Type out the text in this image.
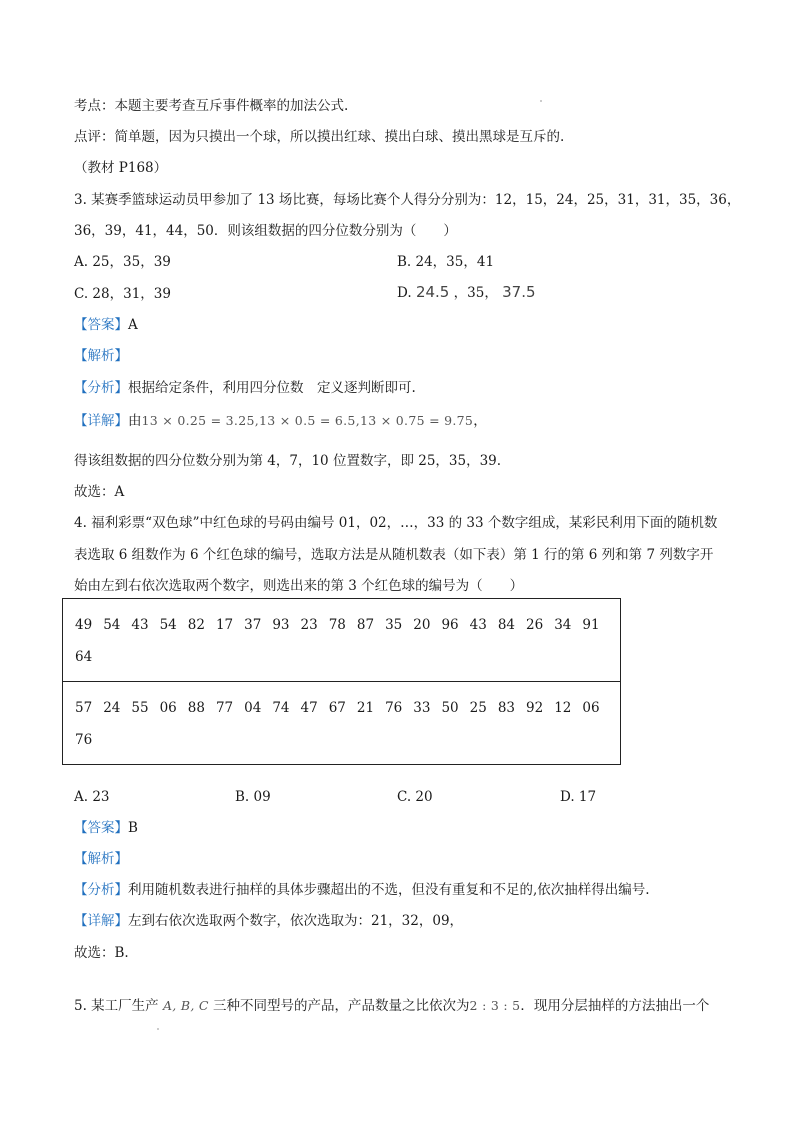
考点：本题主要考查互斥事件概率的加法公式.
点评：简单题，因为只摸出一个球，所以摸出红球、摸出白球、摸出黑球是互斥的.
（教材 P168）
3. 某赛季篮球运动员甲参加了 13 场比赛，每场比赛个人得分分别为：12，15，24，25，31，31，35，36，
36，39，41，44，50．则该组数据的四分位数分别为（　　）
A. 25，35，39	B. 24，35，41
C. 28，31，39	D. 24.5 ，35， 37.5
【答案】A
【解析】
【分析】根据给定条件，利用四分位数　定义逐判断即可.
【详解】由13 × 0.25 = 3.25,13 × 0.5 = 6.5,13 × 0.75 = 9.75，
得该组数据的四分位数分别为第 4，7，10 位置数字，即 25，35，39.
故选：A
4. 福利彩票“双色球”中红色球的号码由编号 01，02，…，33 的 33 个数字组成，某彩民利用下面的随机数
表选取 6 组数作为 6 个红色球的编号，选取方法是从随机数表（如下表）第 1 行的第 6 列和第 7 列数字开
始由左到右依次选取两个数字，则选出来的第 3 个红色球的编号为（　　）
49 54 43 54 82 17 37 93 23 78 87 35 20 96 43 84 26 34 91
64
57 24 55 06 88 77 04 74 47 67 21 76 33 50 25 83 92 12 06
76
A. 23	B. 09	C. 20	D. 17
【答案】B
【解析】
【分析】利用随机数表进行抽样的具体步骤超出的不选，但没有重复和不足的,依次抽样得出编号.
【详解】左到右依次选取两个数字，依次选取为：21，32，09，
故选：B.
5. 某工厂生产 A, B, C 三种不同型号的产品，产品数量之比依次为2 : 3 : 5．现用分层抽样的方法抽出一个
